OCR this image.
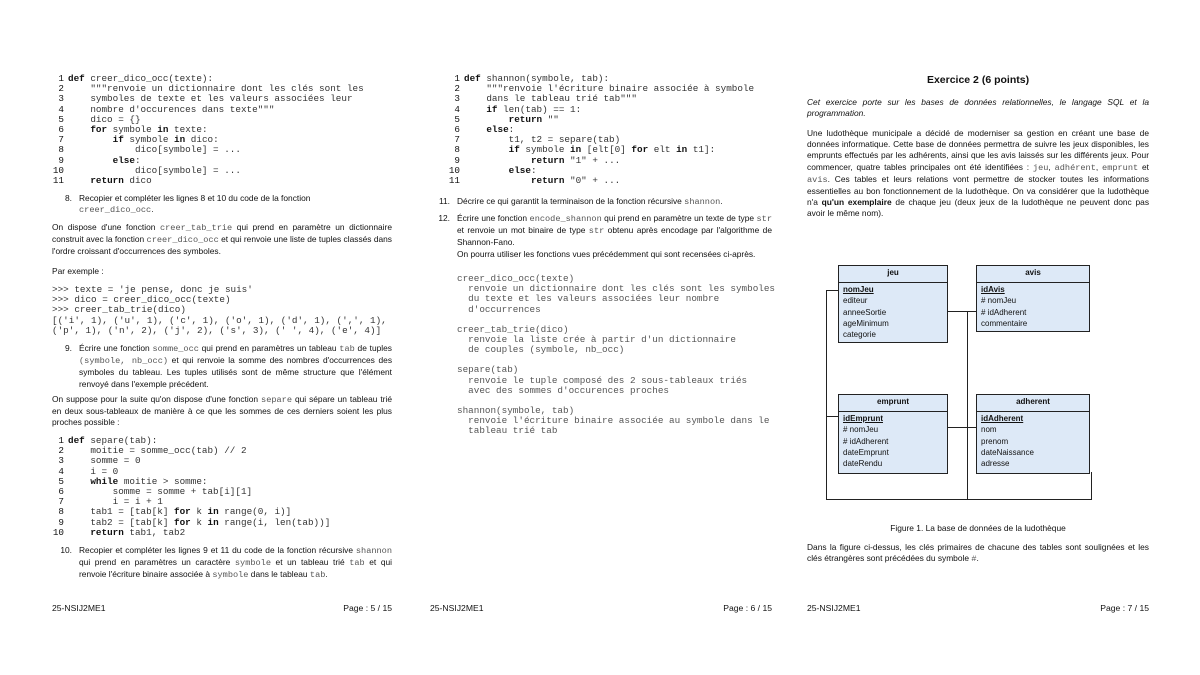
1 def creer_dico_occ(texte):
2    """renvoie un dictionnaire dont les clés sont les
3    symboles de texte et les valeurs associées leur
4    nombre d'occurences dans texte"""
5    dico = {}
6	for symbole in texte:
7	if symbole in dico:
8            dico[symbole] = ...
9	else:
10            dico[symbole] = ...
11	return dico
8. Recopier et compléter les lignes 8 et 10 du code de la fonction
creer_dico_occ.

On dispose d'une fonction creer_tab_trie qui prend en paramètre un dictionnaire construit avec la fonction creer_dico_occ et qui renvoie une liste de tuples classés dans l'ordre croissant d'occurrences des symboles.

Par exemple :

>>> texte = 'je pense, donc je suis'
>>> dico = creer_dico_occ(texte)
>>> creer_tab_trie(dico)
[('i', 1), ('u', 1), ('c', 1), ('o', 1), ('d', 1), (',', 1),
('p', 1), ('n', 2), ('j', 2), ('s', 3), (' ', 4), ('e', 4)]
9. Écrire une fonction somme_occ qui prend en paramètres un tableau tab de tuples (symbole, nb_occ) et qui renvoie la somme des nombres d'occurrences des symboles du tableau. Les tuples utilisés sont de même structure que l'élément renvoyé dans l'exemple précédent.

On suppose pour la suite qu'on dispose d'une fonction separe qui sépare un tableau trié en deux sous-tableaux de manière à ce que les sommes de ces derniers soient les plus proches possible :

1 def separe(tab):
2    moitie = somme_occ(tab) // 2
3    somme = 0
4    i = 0
5	while moitie > somme:
6        somme = somme + tab[i][1]
7        i = i + 1
8    tab1 = [tab[k] for k in range(0, i)]
9    tab2 = [tab[k] for k in range(i, len(tab))]
10	return tab1, tab2
10. Recopier et compléter les lignes 9 et 11 du code de la fonction récursive shannon qui prend en paramètres un caractère symbole et un tableau trié tab et qui renvoie l'écriture binaire associée à symbole dans le tableau tab.
25-NSIJ2ME1	Page : 5 / 15
1 def shannon(symbole, tab):
2    """renvoie l'écriture binaire associée à symbole
3    dans le tableau trié tab"""
4	if len(tab) == 1:
5	return ""
6	else:
7        t1, t2 = separe(tab)
8	if symbole in [elt[0] for elt in t1]:
9	return "1" + ...
10	else:
11	return "0" + ...
11. Décrire ce qui garantit la terminaison de la fonction récursive shannon.
12. Écrire une fonction encode_shannon qui prend en paramètre un texte de type str et renvoie un mot binaire de type str obtenu après encodage par l'algorithme de Shannon-Fano.
On pourra utiliser les fonctions vues précédemment qui sont recensées ci-après.
creer_dico_occ(texte)
renvoie un dictionnaire dont les clés sont les symboles
du texte et les valeurs associées leur nombre
d'occurrences
creer_tab_trie(dico)
renvoie la liste crée à partir d'un dictionnaire
de couples (symbole, nb_occ)
separe(tab)
renvoie le tuple composé des 2 sous-tableaux triés
avec des sommes d'occurences proches
shannon(symbole, tab)
renvoie l'écriture binaire associée au symbole dans le
tableau trié tab
25-NSIJ2ME1	Page : 6 / 15

Exercice 2 (6 points)

Cet exercice porte sur les bases de données relationnelles, le langage SQL et la programmation.

Une ludothèque municipale a décidé de moderniser sa gestion en créant une base de données informatique. Cette base de données permettra de suivre les jeux disponibles, les emprunts effectués par les adhérents, ainsi que les avis laissés sur les différents jeux. Pour commencer, quatre tables principales ont été identifiées : jeu, adhérent, emprunt et avis. Ces tables et leurs relations vont permettre de stocker toutes les informations essentielles au bon fonctionnement de la ludothèque. On va considérer que la ludothèque n'a qu'un exemplaire de chaque jeu (deux jeux de la ludothèque ne peuvent donc pas avoir le même nom).

jeu
nomJeu
editeur
anneeSortie
ageMinimum
categorie
avis
idAvis
# nomJeu
# idAdherent
commentaire
emprunt
idEmprunt
# nomJeu
# idAdherent
dateEmprunt
dateRendu
adherent
idAdherent
nom
prenom
dateNaissance
adresse

Figure 1. La base de données de la ludothèque

Dans la figure ci-dessus, les clés primaires de chacune des tables sont soulignées et les clés étrangères sont précédées du symbole #.

25-NSIJ2ME1	Page : 7 / 15
